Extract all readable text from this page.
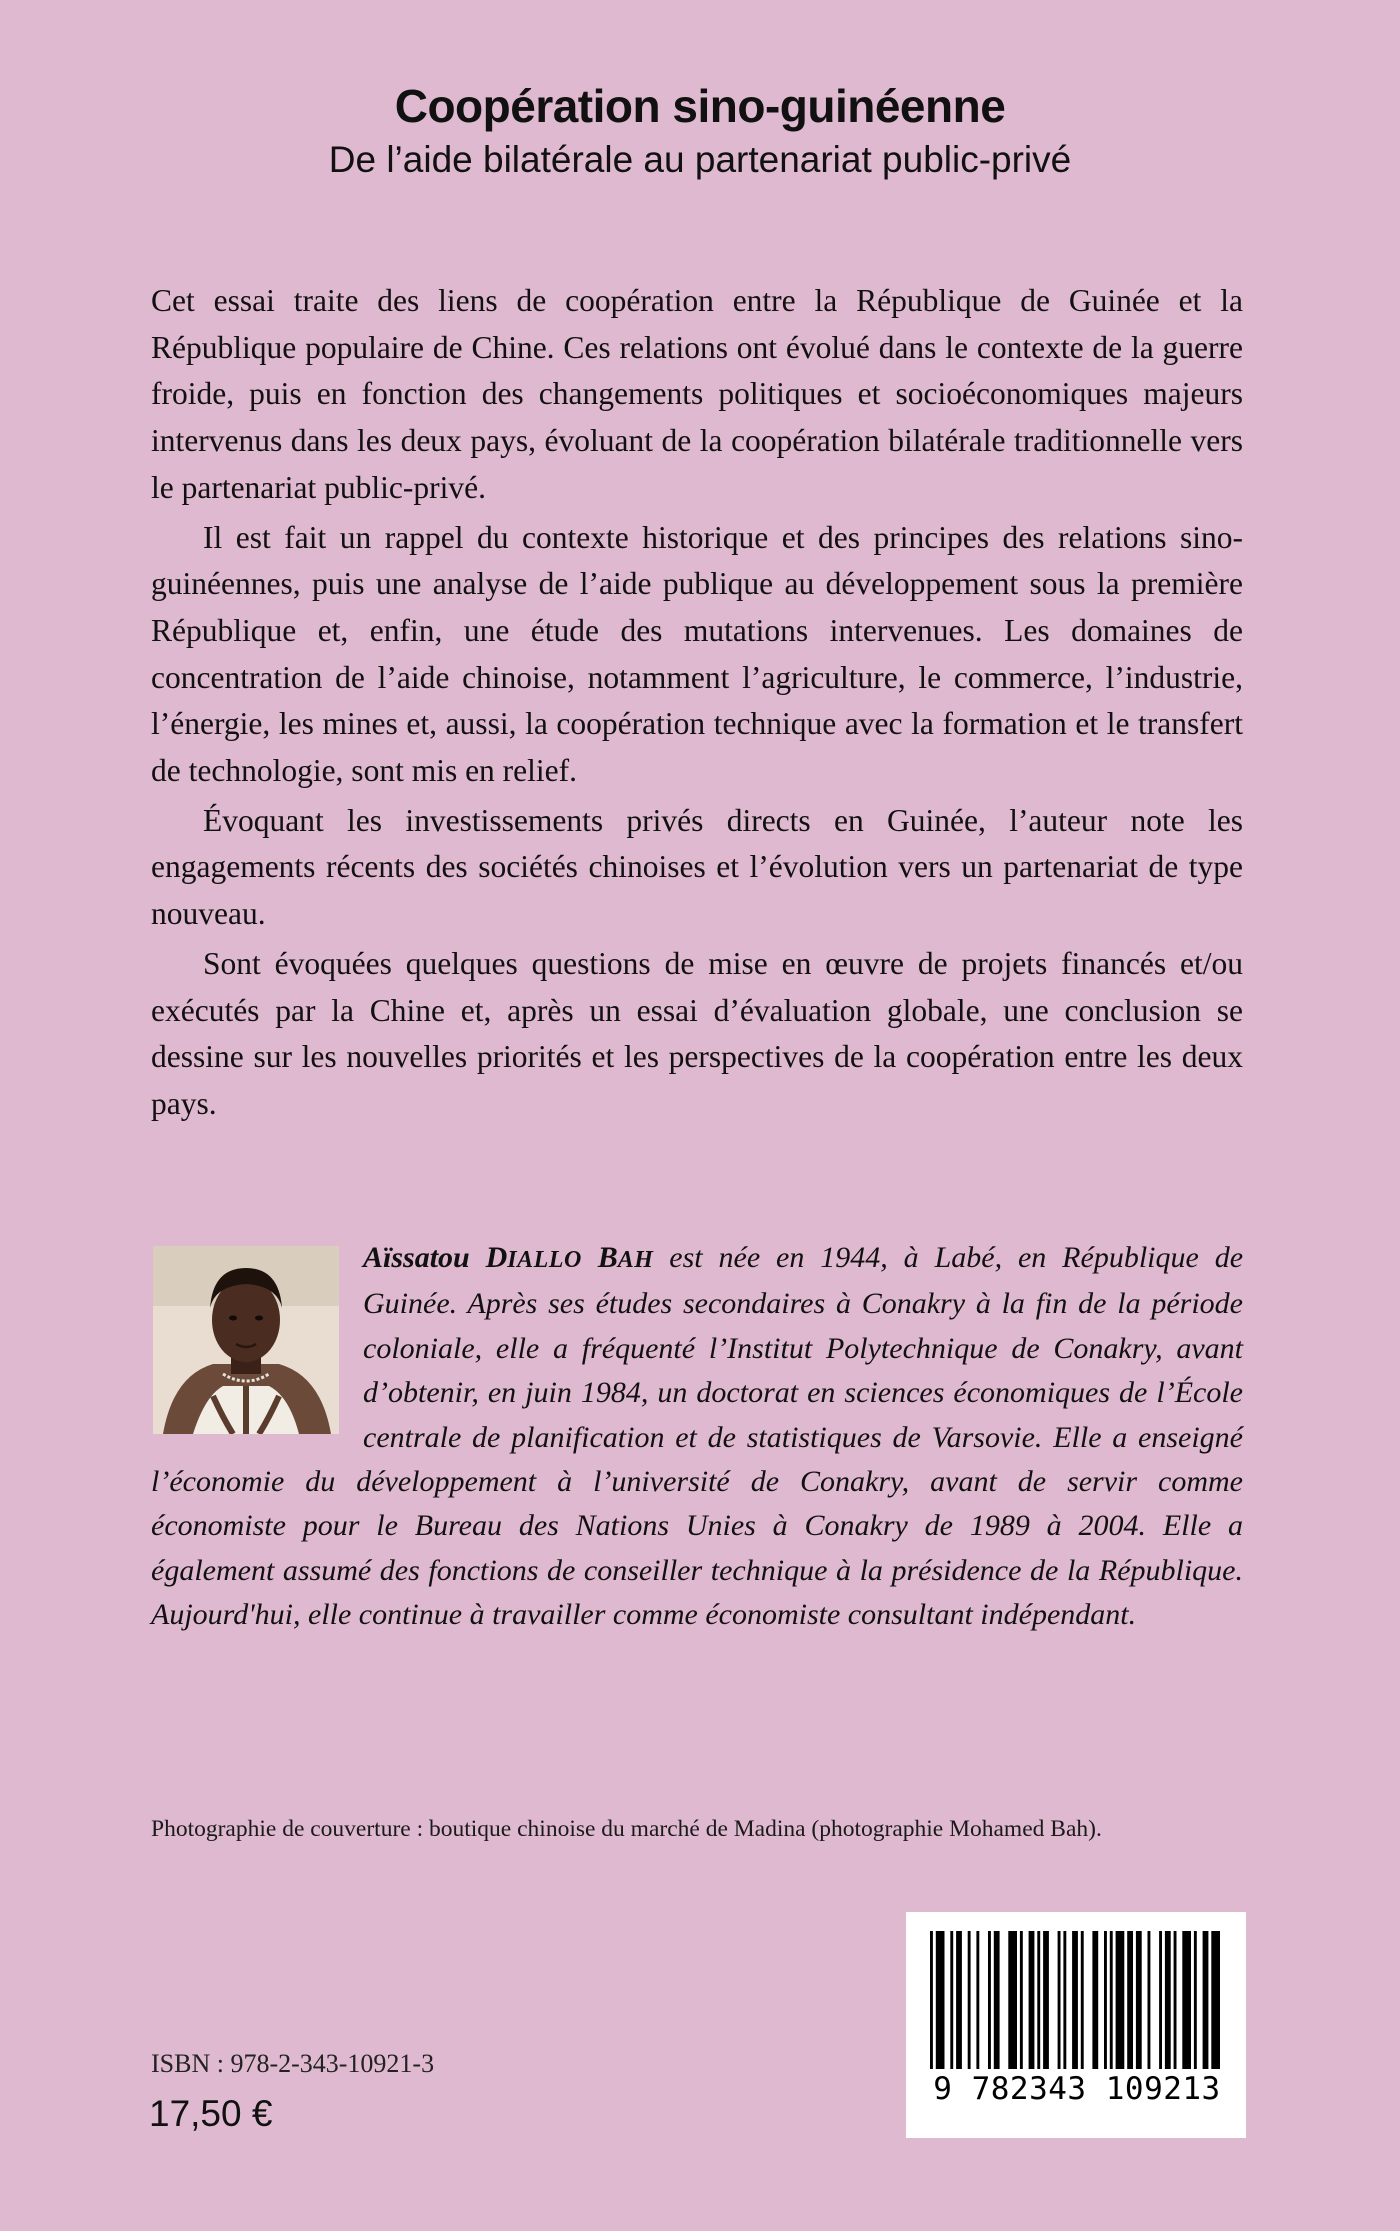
Coopération sino-guinéenne
De l’aide bilatérale au partenariat public-privé

Cet essai traite des liens de coopération entre la République de Guinée et la République populaire de Chine. Ces relations ont évolué dans le contexte de la guerre froide, puis en fonction des changements politiques et socioéconomiques majeurs intervenus dans les deux pays, évoluant de la coopération bilatérale traditionnelle vers le partenariat public-privé.

Il est fait un rappel du contexte historique et des principes des relations sino-guinéennes, puis une analyse de l’aide publique au développement sous la première République et, enfin, une étude des mutations intervenues. Les domaines de concentration de l’aide chinoise, notamment l’agriculture, le commerce, l’industrie, l’énergie, les mines et, aussi, la coopération technique avec la formation et le transfert de technologie, sont mis en relief.

Évoquant les investissements privés directs en Guinée, l’auteur note les engagements récents des sociétés chinoises et l’évolution vers un partenariat de type nouveau.

Sont évoquées quelques questions de mise en œuvre de projets financés et/ou exécutés par la Chine et, après un essai d’évaluation globale, une conclusion se dessine sur les nouvelles priorités et les perspectives de la coopération entre les deux pays.

Aïssatou DIALLO BAH est née en 1944, à Labé, en République de Guinée. Après ses études secondaires à Conakry à la fin de la période coloniale, elle a fréquenté l’Institut Polytechnique de Conakry, avant d’obtenir, en juin 1984, un doctorat en sciences économiques de l’École centrale de planification et de statistiques de Varsovie. Elle a enseigné l’économie du développement à l’université de Conakry, avant de servir comme économiste pour le Bureau des Nations Unies à Conakry de 1989 à 2004. Elle a également assumé des fonctions de conseiller technique à la présidence de la République. Aujourd'hui, elle continue à travailler comme économiste consultant indépendant.
Photographie de couverture : boutique chinoise du marché de Madina (photographie Mohamed Bah).
9 782343 109213
ISBN : 978-2-343-10921-3
17,50 €
